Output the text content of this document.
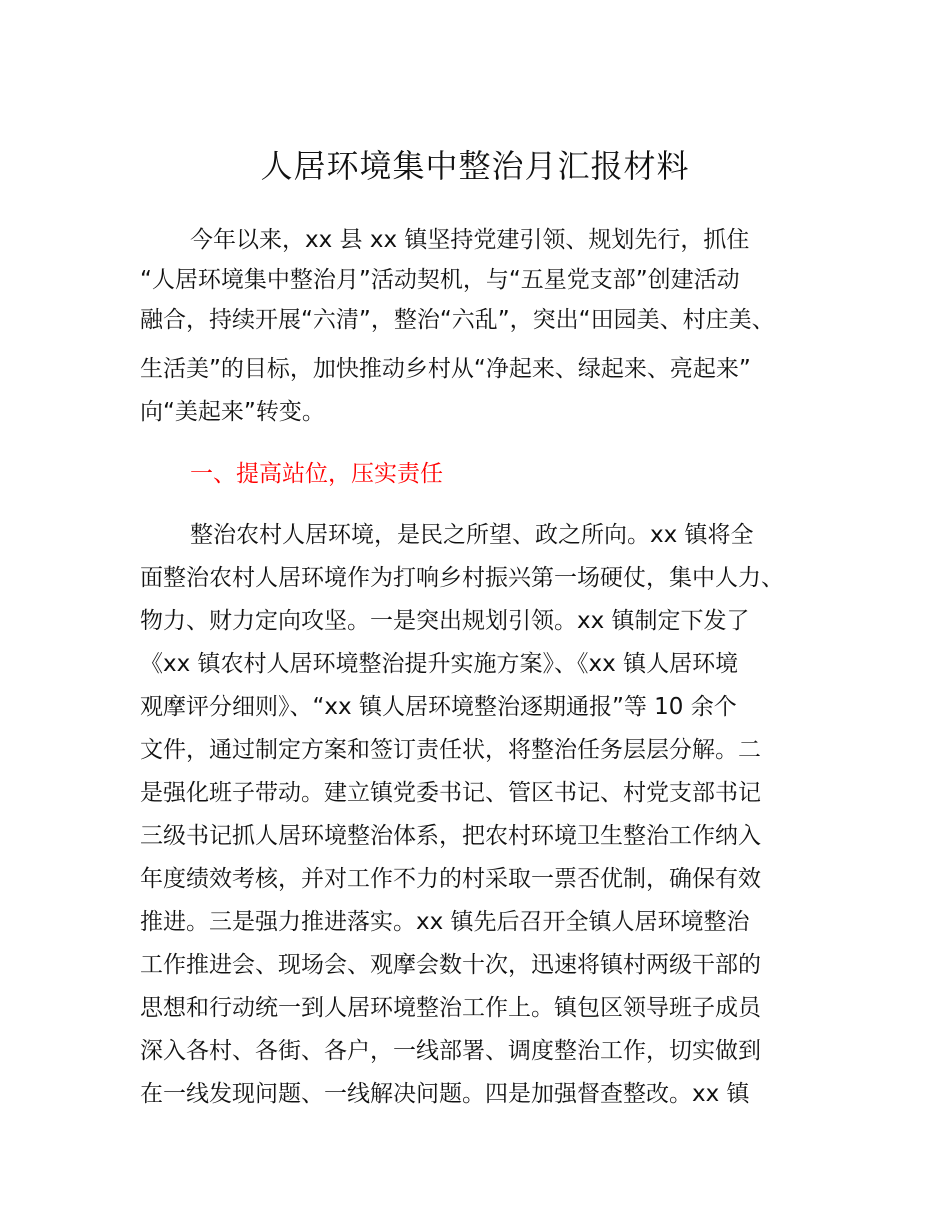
人居环境集中整治月汇报材料
今年以来，xx 县 xx 镇坚持党建引领、规划先行，抓住
“人居环境集中整治月”活动契机，与“五星党支部”创建活动
融合，持续开展“六清”，整治“六乱”，突出“田园美、村庄美、
生活美”的目标，加快推动乡村从“净起来、绿起来、亮起来”
向“美起来”转变。
一、提高站位，压实责任
整治农村人居环境，是民之所望、政之所向。xx 镇将全
面整治农村人居环境作为打响乡村振兴第一场硬仗，集中人力、
物力、财力定向攻坚。一是突出规划引领。xx 镇制定下发了
《xx 镇农村人居环境整治提升实施方案》、《xx 镇人居环境
观摩评分细则》、“xx 镇人居环境整治逐期通报”等 10 余个
文件，通过制定方案和签订责任状，将整治任务层层分解。二
是强化班子带动。建立镇党委书记、管区书记、村党支部书记
三级书记抓人居环境整治体系，把农村环境卫生整治工作纳入
年度绩效考核，并对工作不力的村采取一票否优制，确保有效
推进。三是强力推进落实。xx 镇先后召开全镇人居环境整治
工作推进会、现场会、观摩会数十次，迅速将镇村两级干部的
思想和行动统一到人居环境整治工作上。镇包区领导班子成员
深入各村、各街、各户，一线部署、调度整治工作，切实做到
在一线发现问题、一线解决问题。四是加强督查整改。xx 镇
